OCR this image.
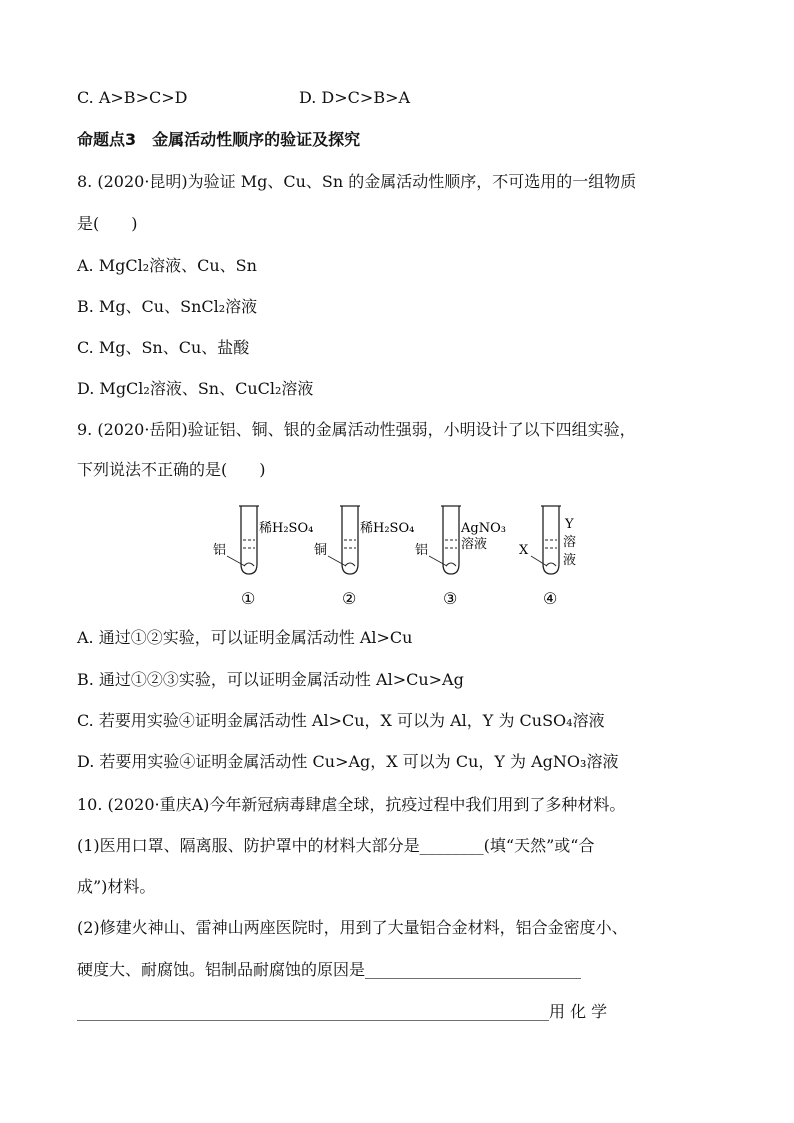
C. A>B>C>D	D. D>C>B>A
命题点3　金属活动性顺序的验证及探究
8. (2020·昆明)为验证 Mg、Cu、Sn 的金属活动性顺序，不可选用的一组物质
是(　　)
A. MgCl₂溶液、Cu、Sn
B. Mg、Cu、SnCl₂溶液
C. Mg、Sn、Cu、盐酸
D. MgCl₂溶液、Sn、CuCl₂溶液
9. (2020·岳阳)验证铝、铜、银的金属活动性强弱，小明设计了以下四组实验，
下列说法不正确的是(　　)
铝
稀H₂SO₄
①
铜
稀H₂SO₄
②
铝
AgNO₃
溶液
③
X
Y
溶
液
④
A. 通过①②实验，可以证明金属活动性 Al>Cu
B. 通过①②③实验，可以证明金属活动性 Al>Cu>Ag
C. 若要用实验④证明金属活动性 Al>Cu，X 可以为 Al，Y 为 CuSO₄溶液
D. 若要用实验④证明金属活动性 Cu>Ag，X 可以为 Cu，Y 为 AgNO₃溶液
10. (2020·重庆A)今年新冠病毒肆虐全球，抗疫过程中我们用到了多种材料。
(1)医用口罩、隔离服、防护罩中的材料大部分是________(填“天然”或“合
成”)材料。
(2)修建火神山、雷神山两座医院时，用到了大量铝合金材料，铝合金密度小、
硬度大、耐腐蚀。铝制品耐腐蚀的原因是___________________________
___________________________________________________________用 化 学
